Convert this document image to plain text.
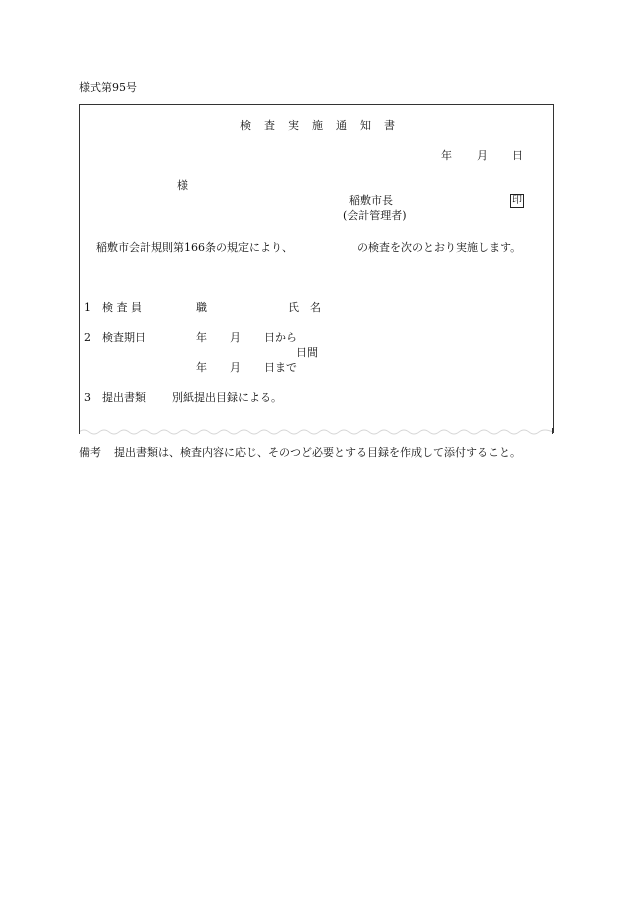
様式第95号
検 査 実 施 通 知 書
年 月 日
様
稲敷市長
(会計管理者)
印
稲敷市会計規則第166条の規定により、	の検査を次のとおり実施します。
1 検 査 員	職	氏　名
2 検査期日	年 月 日から
日間
年 月 日まで
3 提出書類 別紙提出目録による。
備考 提出書類は、検査内容に応じ、そのつど必要とする目録を作成して添付すること。
